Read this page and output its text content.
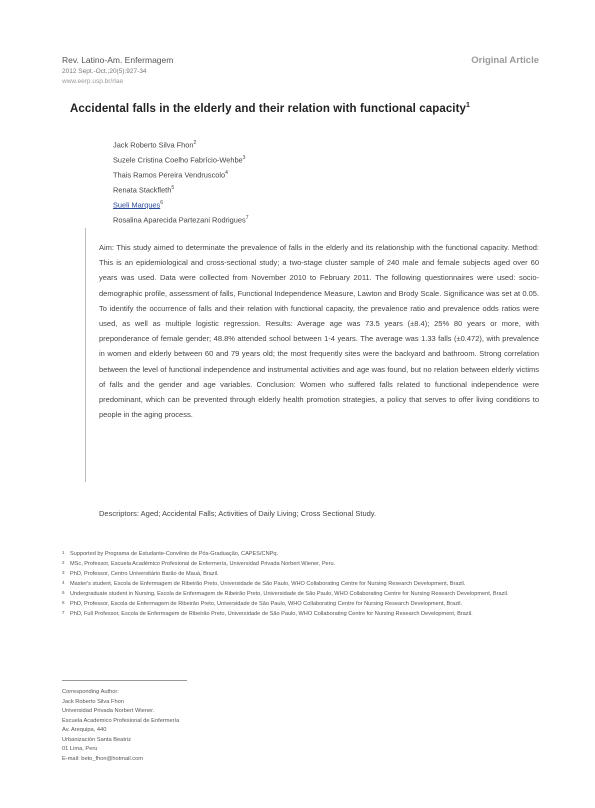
Rev. Latino-Am. Enfermagem
2012 Sept.-Oct.;20(5):927-34
www.eerp.usp.br/rlae
Original Article
Accidental falls in the elderly and their relation with functional capacity$^1$
Jack Roberto Silva Fhon$^2$
Suzele Cristina Coelho Fabrício-Wehbe$^3$
Thais Ramos Pereira Vendruscolo$^4$
Renata Stackfleth$^5$
Sueli Marques$^6$
Rosalina Aparecida Partezani Rodrigues$^7$
Aim: This study aimed to determinate the prevalence of falls in the elderly and its relationship with the functional capacity. Method: This is an epidemiological and cross-sectional study; a two-stage cluster sample of 240 male and female subjects aged over 60 years was used. Data were collected from November 2010 to February 2011. The following questionnaires were used: socio-demographic profile, assessment of falls, Functional Independence Measure, Lawton and Brody Scale. Significance was set at 0.05. To identify the occurrence of falls and their relation with functional capacity, the prevalence ratio and prevalence odds ratios were used, as well as multiple logistic regression. Results: Average age was 73.5 years (±8.4); 25% 80 years or more, with preponderance of female gender; 48.8% attended school between 1-4 years. The average was 1.33 falls (±0.472), with prevalence in women and elderly between 60 and 79 years old; the most frequently sites were the backyard and bathroom. Strong correlation between the level of functional independence and instrumental activities and age was found, but no relation between elderly victims of falls and the gender and age variables. Conclusion: Women who suffered falls related to functional independence were predominant, which can be prevented through elderly health promotion strategies, a policy that serves to offer living conditions to people in the aging process.
Descriptors: Aged; Accidental Falls; Activities of Daily Living; Cross Sectional Study.
1 Supported by Programa de Estudante-Convênio de Pós-Graduação, CAPES/CNPq.
2 MSc, Professor, Escuela Académico Profesional de Enfermería, Universidad Privada Norbert Wiener, Peru.
3 PhD, Professor, Centro Universitário Barão de Mauá, Brazil.
4 Master's student, Escola de Enfermagem de Ribeirão Preto, Universidade de São Paulo, WHO Collaborating Centre for Nursing Research Development, Brazil.
5 Undergraduate student in Nursing, Escola de Enfermagem de Ribeirão Preto, Universidade de São Paulo, WHO Collaborating Centre for Nursing Research Development, Brazil.
6 PhD, Professor, Escola de Enfermagem de Ribeirão Preto, Universidade de São Paulo, WHO Collaborating Centre for Nursing Research Development, Brazil.
7 PhD, Full Professor, Escola de Enfermagem de Ribeirão Preto, Universidade de São Paulo, WHO Collaborating Centre for Nursing Research Development, Brazil.
Corresponding Author:
Jack Roberto Silva Fhon
Universidad Privada Norbert Wiener.
Escuela Academico Profesional de Enfermería
Av. Arequipa, 440
Urbanización Santa Beatriz
01 Lima, Peru
E-mail: beto_fhon@hotmail.com
